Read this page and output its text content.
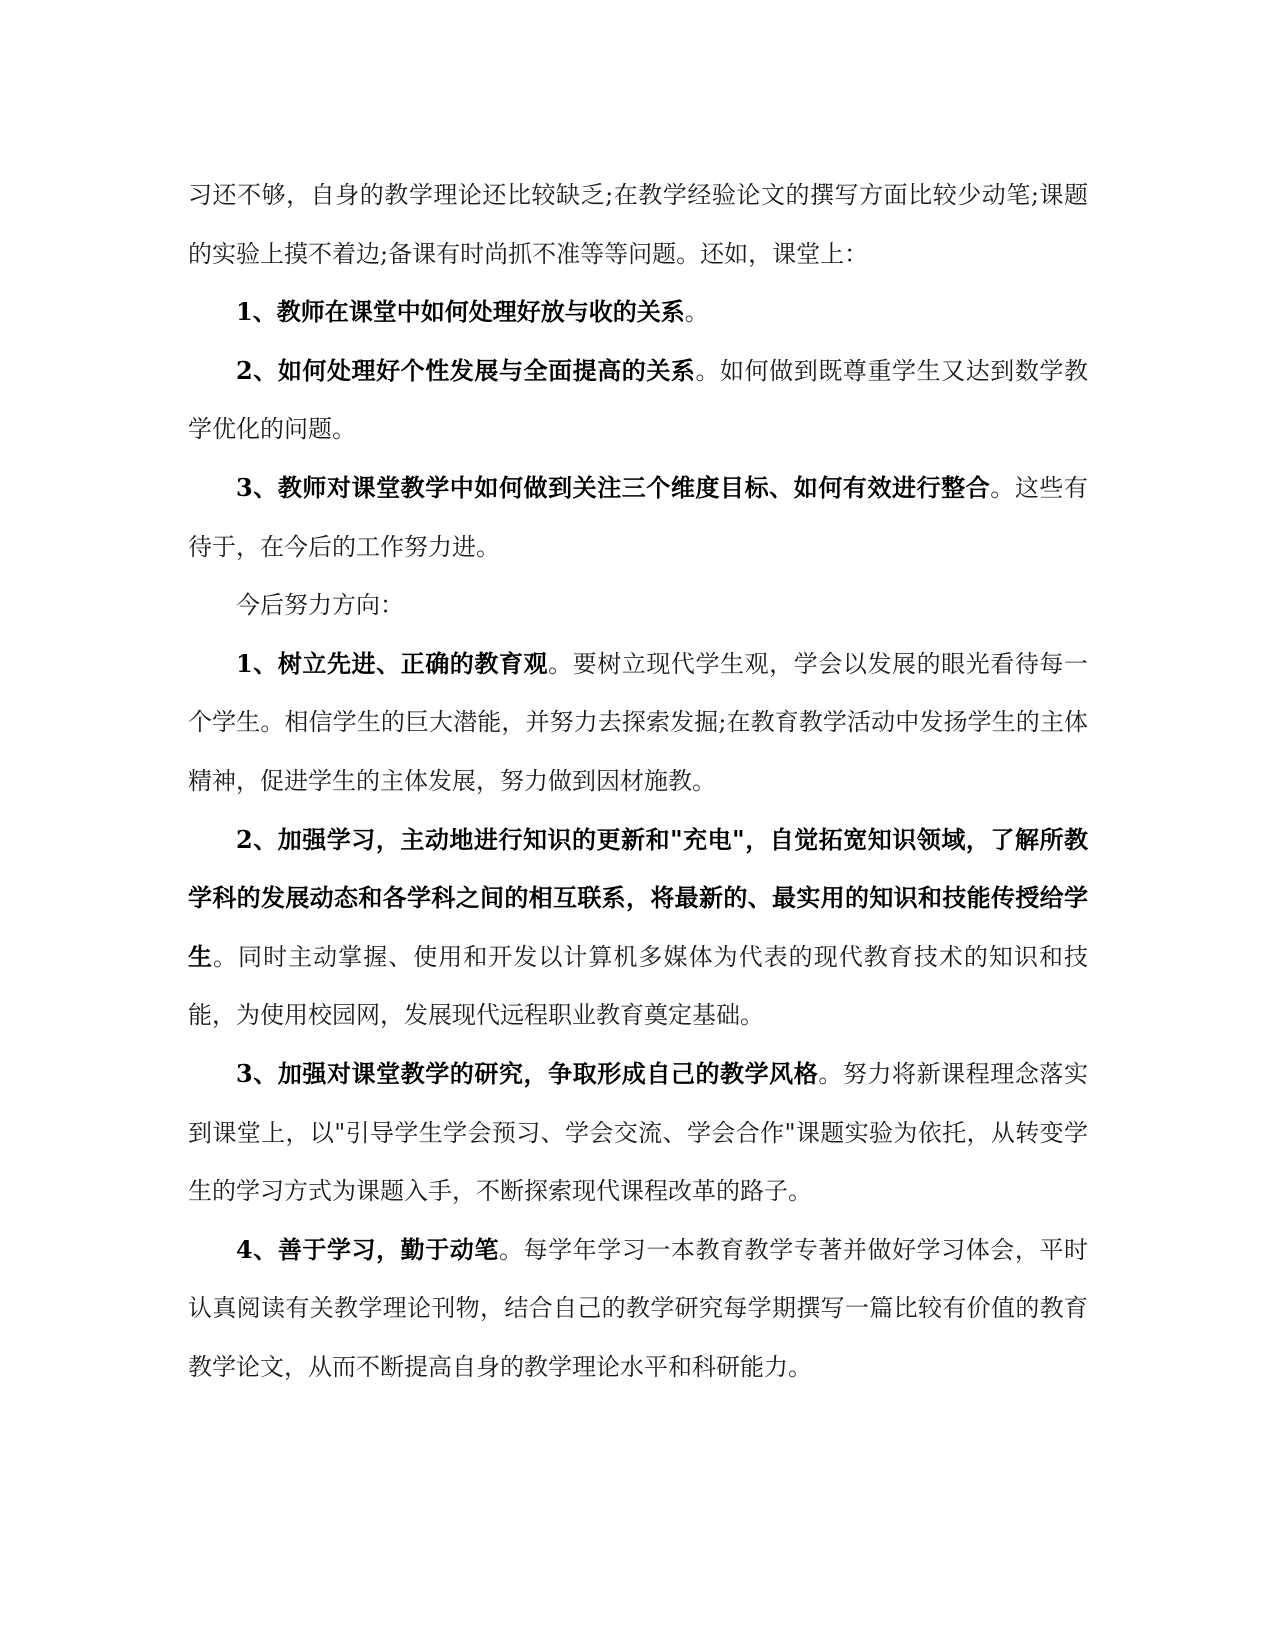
习还不够，自身的教学理论还比较缺乏;在教学经验论文的撰写方面比较少动笔;课题的实验上摸不着边;备课有时尚抓不准等等问题。还如，课堂上：

1、教师在课堂中如何处理好放与收的关系。

2、如何处理好个性发展与全面提高的关系。如何做到既尊重学生又达到数学教学优化的问题。

3、教师对课堂教学中如何做到关注三个维度目标、如何有效进行整合。这些有待于，在今后的工作努力进。

今后努力方向：

1、树立先进、正确的教育观。要树立现代学生观，学会以发展的眼光看待每一个学生。相信学生的巨大潜能，并努力去探索发掘;在教育教学活动中发扬学生的主体精神，促进学生的主体发展，努力做到因材施教。

2、加强学习，主动地进行知识的更新和"充电"，自觉拓宽知识领域，了解所教学科的发展动态和各学科之间的相互联系，将最新的、最实用的知识和技能传授给学生。同时主动掌握、使用和开发以计算机多媒体为代表的现代教育技术的知识和技能，为使用校园网，发展现代远程职业教育奠定基础。

3、加强对课堂教学的研究，争取形成自己的教学风格。努力将新课程理念落实到课堂上，以"引导学生学会预习、学会交流、学会合作"课题实验为依托，从转变学生的学习方式为课题入手，不断探索现代课程改革的路子。

4、善于学习，勤于动笔。每学年学习一本教育教学专著并做好学习体会，平时认真阅读有关教学理论刊物，结合自己的教学研究每学期撰写一篇比较有价值的教育教学论文，从而不断提高自身的教学理论水平和科研能力。
